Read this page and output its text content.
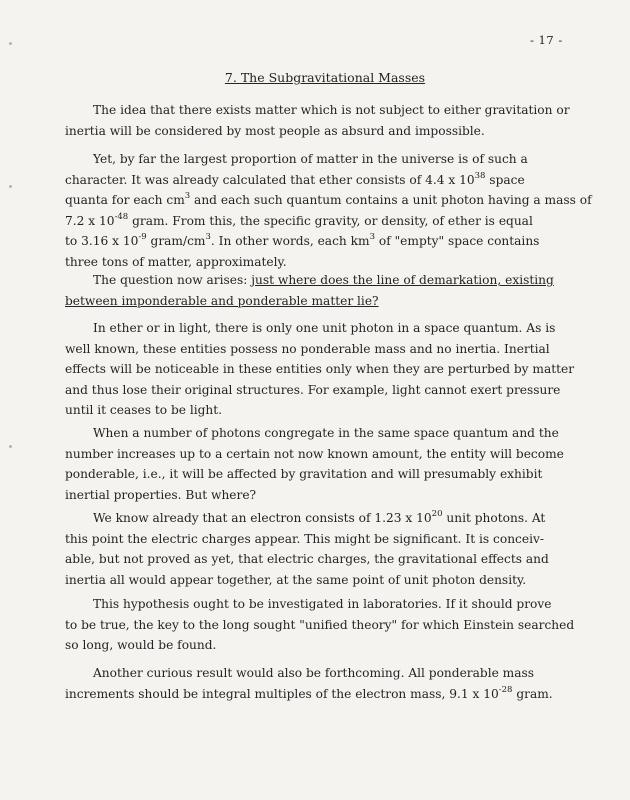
- 17 -
7. The Subgravitational Masses
The idea that there exists matter which is not subject to either gravitation or
inertia will be considered by most people as absurd and impossible.
Yet, by far the largest proportion of matter in the universe is of such a
character. It was already calculated that ether consists of 4.4 x $10^{38}$ space
quanta for each $cm^3$ and each such quantum contains a unit photon having a mass of
7.2 x $10^{-48}$ gram. From this, the specific gravity, or density, of ether is equal
to 3.16 x $10^{-9}$ gram/$cm^3$. In other words, each $km^3$ of "empty" space contains
three tons of matter, approximately.
The question now arises: just where does the line of demarkation, existing
between imponderable and ponderable matter lie?
In ether or in light, there is only one unit photon in a space quantum. As is
well known, these entities possess no ponderable mass and no inertia. Inertial
effects will be noticeable in these entities only when they are perturbed by matter
and thus lose their original structures. For example, light cannot exert pressure
until it ceases to be light.
When a number of photons congregate in the same space quantum and the
number increases up to a certain not now known amount, the entity will become
ponderable, i.e., it will be affected by gravitation and will presumably exhibit
inertial properties. But where?
We know already that an electron consists of 1.23 x $10^{20}$ unit photons. At
this point the electric charges appear. This might be significant. It is conceiv-
able, but not proved as yet, that electric charges, the gravitational effects and
inertia all would appear together, at the same point of unit photon density.
This hypothesis ought to be investigated in laboratories. If it should prove
to be true, the key to the long sought "unified theory" for which Einstein searched
so long, would be found.
Another curious result would also be forthcoming. All ponderable mass
increments should be integral multiples of the electron mass, 9.1 x $10^{-28}$ gram.
